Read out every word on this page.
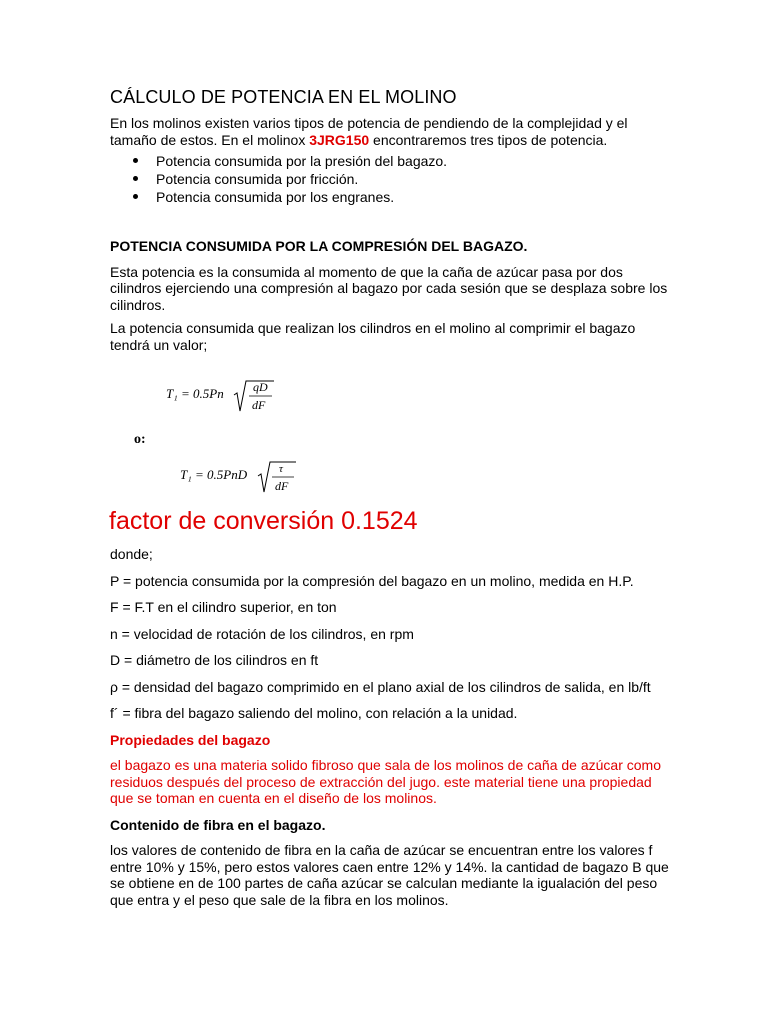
CÁLCULO DE POTENCIA EN EL MOLINO

En los molinos existen varios tipos de potencia de pendiendo de la complejidad y el tamaño de estos. En el molinox 3JRG150 encontraremos tres tipos de potencia.

Potencia consumida por la presión del bagazo.
Potencia consumida por fricción.
Potencia consumida por los engranes.

POTENCIA CONSUMIDA POR LA COMPRESIÓN DEL BAGAZO.

Esta potencia es la consumida al momento de que la caña de azúcar pasa por dos cilindros ejerciendo una compresión al bagazo por cada sesión que se desplaza sobre los cilindros.

La potencia consumida que realizan los cilindros en el molino al comprimir el bagazo tendrá un valor;

T₁ = 0.5Pn qD
dF
o:
T₁ = 0.5PnD	τ
dF

factor de conversión 0.1524

donde;

P = potencia consumida por la compresión del bagazo en un molino, medida en H.P.

F = F.T en el cilindro superior, en ton

n = velocidad de rotación de los cilindros, en rpm

D = diámetro de los cilindros en ft

ρ = densidad del bagazo comprimido en el plano axial de los cilindros de salida, en lb/ft

f´ = fibra del bagazo saliendo del molino, con relación a la unidad.

Propiedades del bagazo

el bagazo es una materia solido fibroso que sala de los molinos de caña de azúcar como residuos después del proceso de extracción del jugo. este material tiene una propiedad que se toman en cuenta en el diseño de los molinos.

Contenido de fibra en el bagazo.

los valores de contenido de fibra en la caña de azúcar se encuentran entre los valores f entre 10% y 15%, pero estos valores caen entre 12% y 14%. la cantidad de bagazo B que se obtiene en de 100 partes de caña azúcar se calculan mediante la igualación del peso que entra y el peso que sale de la fibra en los molinos.
